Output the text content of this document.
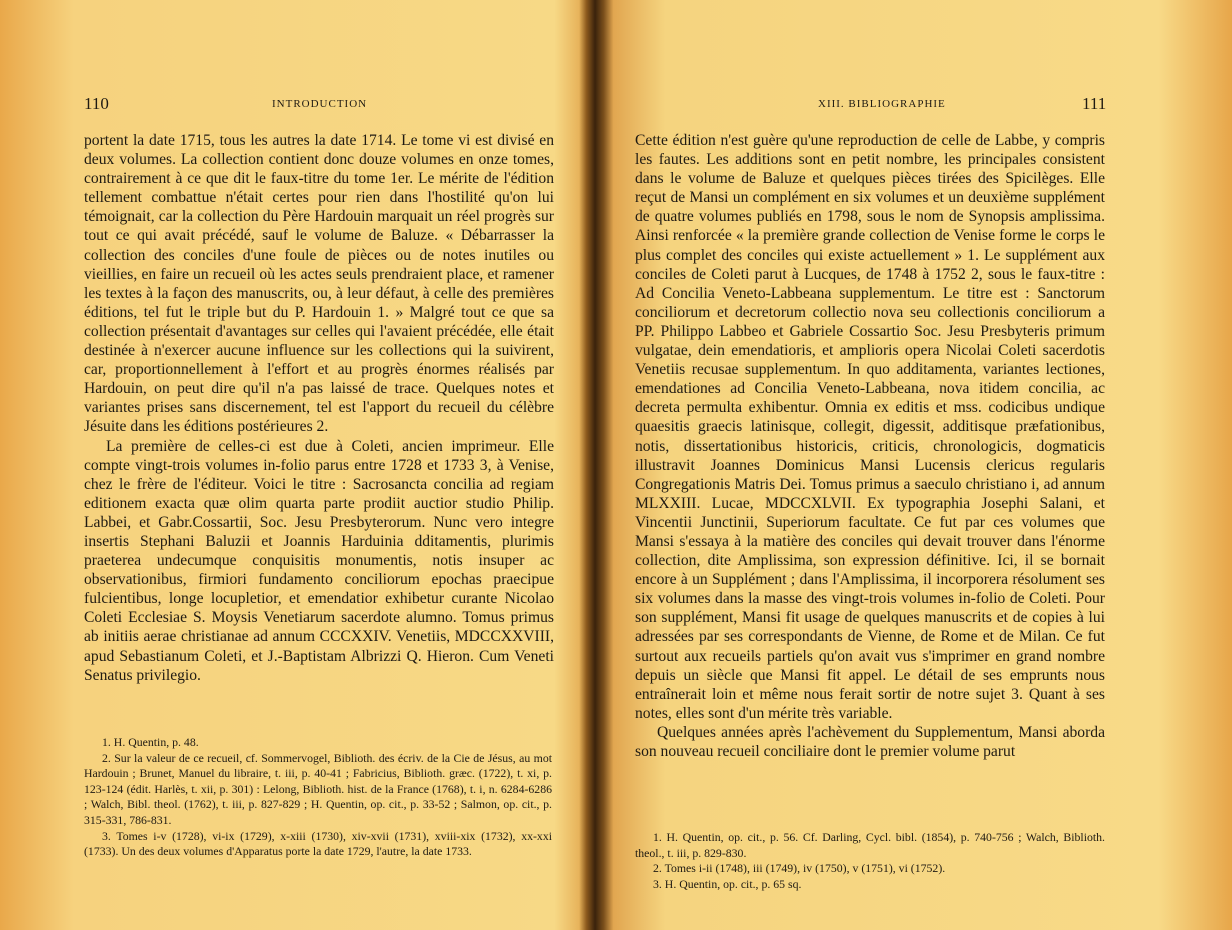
110	INTRODUCTION

portent la date 1715, tous les autres la date 1714. Le tome vi est divisé en deux volumes. La collection contient donc douze volumes en onze tomes, contrairement à ce que dit le faux-titre du tome 1er. Le mérite de l'édition tellement combattue n'était certes pour rien dans l'hostilité qu'on lui témoignait, car la collection du Père Hardouin marquait un réel progrès sur tout ce qui avait précédé, sauf le volume de Baluze. « Débarrasser la collection des conciles d'une foule de pièces ou de notes inutiles ou vieillies, en faire un recueil où les actes seuls prendraient place, et ramener les textes à la façon des manuscrits, ou, à leur défaut, à celle des premières éditions, tel fut le triple but du P. Hardouin 1. » Malgré tout ce que sa collection présentait d'avantages sur celles qui l'avaient précédée, elle était destinée à n'exercer aucune influence sur les collections qui la suivirent, car, proportionnellement à l'effort et au progrès énormes réalisés par Hardouin, on peut dire qu'il n'a pas laissé de trace. Quelques notes et variantes prises sans discernement, tel est l'apport du recueil du célèbre Jésuite dans les éditions postérieures 2.

La première de celles-ci est due à Coleti, ancien imprimeur. Elle compte vingt-trois volumes in-folio parus entre 1728 et 1733 3, à Venise, chez le frère de l'éditeur. Voici le titre : Sacrosancta concilia ad regiam editionem exacta quæ olim quarta parte prodiit auctior studio Philip. Labbei, et Gabr.Cossartii, Soc. Jesu Presbyterorum. Nunc vero integre insertis Stephani Baluzii et Joannis Harduinia dditamentis, plurimis praeterea undecumque conquisitis monumentis, notis insuper ac observationibus, firmiori fundamento conciliorum epochas praecipue fulcientibus, longe locupletior, et emendatior exhibetur curante Nicolao Coleti Ecclesiae S. Moysis Venetiarum sacerdote alumno. Tomus primus ab initiis aerae christianae ad annum CCCXXIV. Venetiis, MDCCXXVIII, apud Sebastianum Coleti, et J.-Baptistam Albrizzi Q. Hieron. Cum Veneti Senatus privilegio.

1. H. Quentin, p. 48.

2. Sur la valeur de ce recueil, cf. Sommervogel, Biblioth. des écriv. de la Cie de Jésus, au mot Hardouin ; Brunet, Manuel du libraire, t. iii, p. 40-41 ; Fabricius, Biblioth. græc. (1722), t. xi, p. 123-124 (édit. Harlès, t. xii, p. 301) : Lelong, Biblioth. hist. de la France (1768), t. i, n. 6284-6286 ; Walch, Bibl. theol. (1762), t. iii, p. 827-829 ; H. Quentin, op. cit., p. 33-52 ; Salmon, op. cit., p. 315-331, 786-831.

3. Tomes i-v (1728), vi-ix (1729), x-xiii (1730), xiv-xvii (1731), xviii-xix (1732), xx-xxi (1733). Un des deux volumes d'Apparatus porte la date 1729, l'autre, la date 1733.

XIII. BIBLIOGRAPHIE	111

Cette édition n'est guère qu'une reproduction de celle de Labbe, y compris les fautes. Les additions sont en petit nombre, les principales consistent dans le volume de Baluze et quelques pièces tirées des Spicilèges. Elle reçut de Mansi un complément en six volumes et un deuxième supplément de quatre volumes publiés en 1798, sous le nom de Synopsis amplissima. Ainsi renforcée « la première grande collection de Venise forme le corps le plus complet des conciles qui existe actuellement » 1. Le supplément aux conciles de Coleti parut à Lucques, de 1748 à 1752 2, sous le faux-titre : Ad Concilia Veneto-Labbeana supplementum. Le titre est : Sanctorum conciliorum et decretorum collectio nova seu collectionis conciliorum a PP. Philippo Labbeo et Gabriele Cossartio Soc. Jesu Presbyteris primum vulgatae, dein emendatioris, et amplioris opera Nicolai Coleti sacerdotis Venetiis recusae supplementum. In quo additamenta, variantes lectiones, emendationes ad Concilia Veneto-Labbeana, nova itidem concilia, ac decreta permulta exhibentur. Omnia ex editis et mss. codicibus undique quaesitis graecis latinisque, collegit, digessit, additisque præfationibus, notis, dissertationibus historicis, criticis, chronologicis, dogmaticis illustravit Joannes Dominicus Mansi Lucensis clericus regularis Congregationis Matris Dei. Tomus primus a saeculo christiano i, ad annum MLXXIII. Lucae, MDCCXLVII. Ex typographia Josephi Salani, et Vincentii Junctinii, Superiorum facultate. Ce fut par ces volumes que Mansi s'essaya à la matière des conciles qui devait trouver dans l'énorme collection, dite Amplissima, son expression définitive. Ici, il se bornait encore à un Supplément ; dans l'Amplissima, il incorporera résolument ses six volumes dans la masse des vingt-trois volumes in-folio de Coleti. Pour son supplément, Mansi fit usage de quelques manuscrits et de copies à lui adressées par ses correspondants de Vienne, de Rome et de Milan. Ce fut surtout aux recueils partiels qu'on avait vus s'imprimer en grand nombre depuis un siècle que Mansi fit appel. Le détail de ses emprunts nous entraînerait loin et même nous ferait sortir de notre sujet 3. Quant à ses notes, elles sont d'un mérite très variable.

Quelques années après l'achèvement du Supplementum, Mansi aborda son nouveau recueil conciliaire dont le premier volume parut

1. H. Quentin, op. cit., p. 56. Cf. Darling, Cycl. bibl. (1854), p. 740-756 ; Walch, Biblioth. theol., t. iii, p. 829-830.

2. Tomes i-ii (1748), iii (1749), iv (1750), v (1751), vi (1752).

3. H. Quentin, op. cit., p. 65 sq.
